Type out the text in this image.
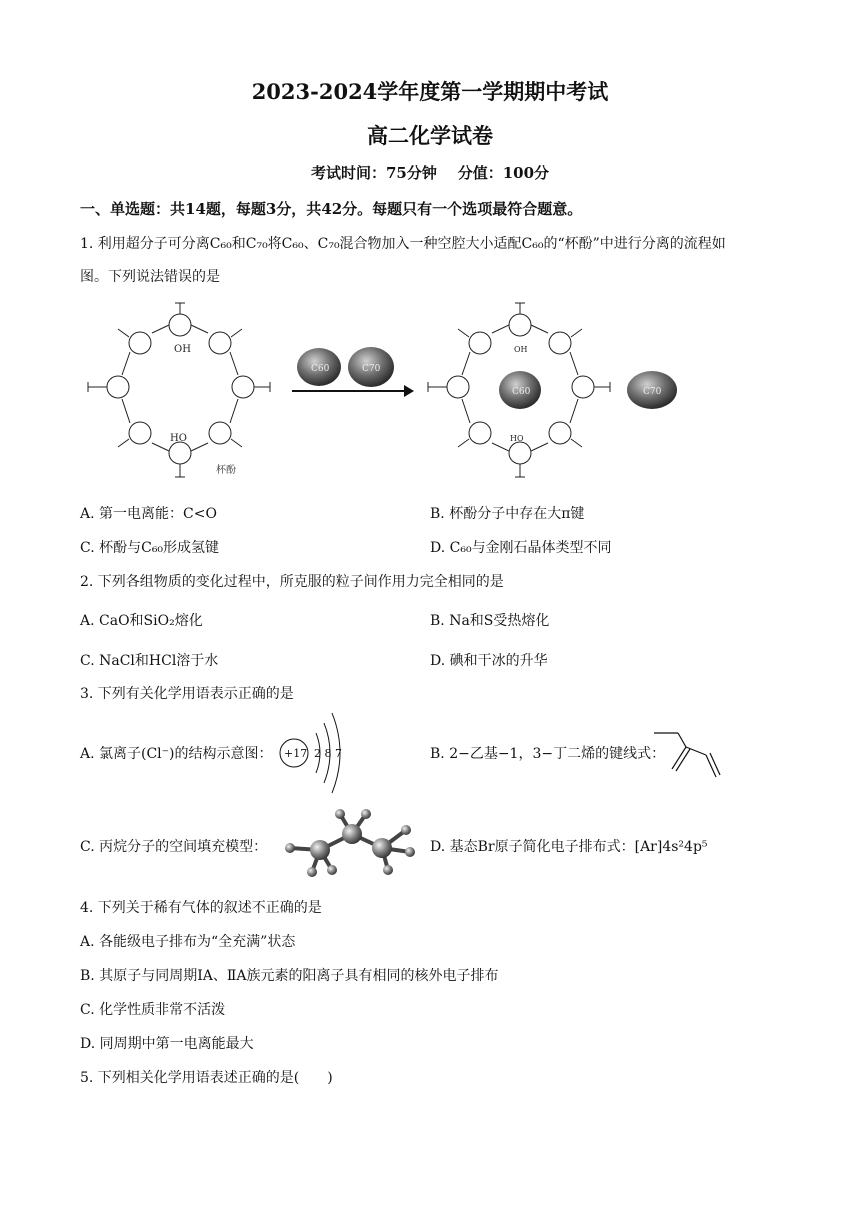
2023-2024学年度第一学期期中考试
高二化学试卷
考试时间：75分钟    分值：100分
一、单选题：共14题，每题3分，共42分。每题只有一个选项最符合题意。
1. 利用超分子可分离C₆₀和C₇₀将C₆₀、C₇₀混合物加入一种空腔大小适配C₆₀的“杯酚”中进行分离的流程如
图。下列说法错误的是
OH
HO
杯酚
C60	C70
OH
HO
C60	C70
A. 第一电离能：C<O	B. 杯酚分子中存在大π键
C. 杯酚与C₆₀形成氢键	D. C₆₀与金刚石晶体类型不同
2. 下列各组物质的变化过程中，所克服的粒子间作用力完全相同的是
A. CaO和SiO₂熔化	B. Na和S受热熔化
C. NaCl和HCl溶于水	D. 碘和干冰的升华
3. 下列有关化学用语表示正确的是
A. 氯离子(Cl⁻)的结构示意图： +17 2 8 7	B. 2−乙基−1，3−丁二烯的键线式：
C. 丙烷分子的空间填充模型：	D. 基态Br原子简化电子排布式：[Ar]4s²4p⁵
4. 下列关于稀有气体的叙述不正确的是
A. 各能级电子排布为“全充满”状态
B. 其原子与同周期ⅠA、ⅡA族元素的阳离子具有相同的核外电子排布
C. 化学性质非常不活泼
D. 同周期中第一电离能最大
5. 下列相关化学用语表述正确的是(　　)
